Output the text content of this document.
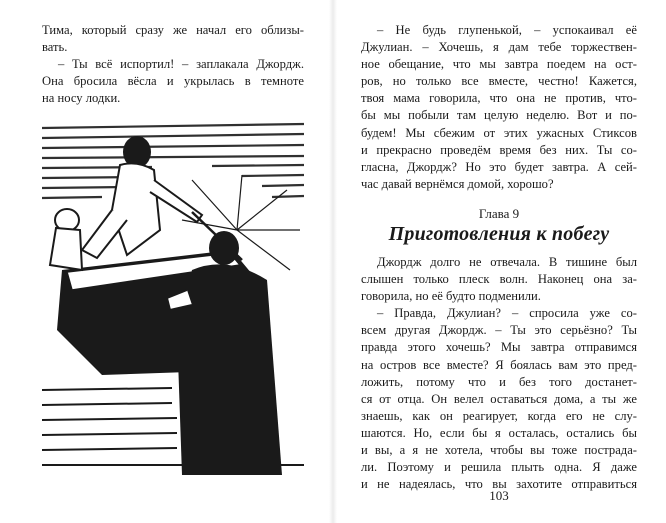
Тима, который сразу же начал его облизы-
вать.
– Ты всё испортил! – заплакала Джордж.
Она бросила вёсла и укрылась в темноте
на носу лодки.
– Не будь глупенькой, – успокаивал её
Джулиан. – Хочешь, я дам тебе торжествен-
ное обещание, что мы завтра поедем на ост-
ров, но только все вместе, честно! Кажется,
твоя мама говорила, что она не против, что-
бы мы побыли там целую неделю. Вот и по-
будем! Мы сбежим от этих ужасных Стиксов
и прекрасно проведём время без них. Ты со-
гласна, Джордж? Но это будет завтра. А сей-
час давай вернёмся домой, хорошо?
Глава 9
Приготовления к побегу
Джордж долго не отвечала. В тишине был
слышен только плеск волн. Наконец она за-
говорила, но её будто подменили.
– Правда, Джулиан? – спросила уже со-
всем другая Джордж. – Ты это серьёзно? Ты
правда этого хочешь? Мы завтра отправимся
на остров все вместе? Я боялась вам это пред-
ложить, потому что и без того достанет-
ся от отца. Он велел оставаться дома, а ты же
знаешь, как он реагирует, когда его не слу-
шаются. Но, если бы я осталась, остались бы
и вы, а я не хотела, чтобы вы тоже пострада-
ли. Поэтому и решила плыть одна. Я даже
и не надеялась, что вы захотите отправиться
103
